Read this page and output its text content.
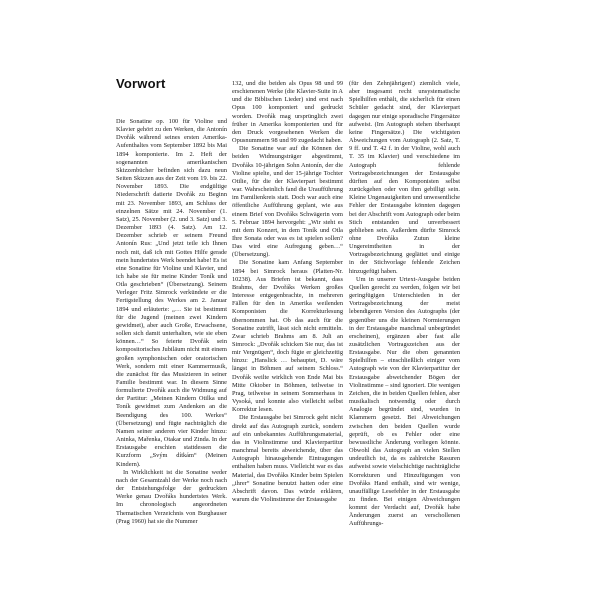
Vorwort

Die Sonatine op. 100 für Violine und Klavier gehört zu den Werken, die Antonín Dvořák während seines ersten Amerika-Aufenthaltes vom September 1892 bis Mai 1894 komponierte. Im 2. Heft der sogenannten amerikanischen Skizzenbücher befinden sich dazu neun Seiten Skizzen aus der Zeit vom 19. bis 22. November 1893. Die endgültige Niederschrift datierte Dvořák zu Beginn mit 23. November 1893, am Schluss der einzelnen Sätze mit 24. November (1. Satz), 25. November (2. und 3. Satz) und 3. Dezember 1893 (4. Satz). Am 12. Dezember schrieb er seinem Freund Antonín Rus: „Und jetzt teile ich Ihnen noch mit, daß ich mit Gottes Hilfe gerade mein hundertstes Werk beendet habe! Es ist eine Sonatine für Violine und Klavier, und ich habe sie für meine Kinder Toník und Otla geschrieben“ (Übersetzung). Seinem Verleger Fritz Simrock verkündete er die Fertigstellung des Werkes am 2. Januar 1894 und erläuterte: „… Sie ist bestimmt für die Jugend (meinen zwei Kindern gewidmet), aber auch Große, Erwachsene, sollen sich damit unterhalten, wie sie eben können…“ So feierte Dvořák sein kompositorisches Jubiläum nicht mit einem großen symphonischen oder oratorischen Werk, sondern mit einer Kammermusik, die zunächst für das Musizieren in seiner Familie bestimmt war. In diesem Sinne formulierte Dvořák auch die Widmung auf der Partitur: „Meinen Kindern Otilka und Toník gewidmet zum Andenken an die Beendigung des 100. Werkes“ (Übersetzung) und fügte nachträglich die Namen seiner anderen vier Kinder hinzu: Aninka, Mařenka, Otakar und Zinda. In der Erstausgabe erschien stattdessen die Kurzform „Svým dítkám“ (Meinen Kindern).

In Wirklichkeit ist die Sonatine weder nach der Gesamtzahl der Werke noch nach der Entstehungsfolge der gedruckten Werke genau Dvořáks hundertstes Werk. Im chronologisch angeordneten Thematischen Verzeichnis von Burghauser (Prag 1960) hat sie die Nummer

132, und die beiden als Opus 98 und 99 erschienenen Werke (die Klavier-Suite in A und die Biblischen Lieder) sind erst nach Opus 100 komponiert und gedruckt worden. Dvořák mag ursprünglich zwei früher in Amerika komponierten und für den Druck vorgesehenen Werken die Opusnummern 98 und 99 zugedacht haben.

Die Sonatine war auf die Können der beiden Widmungsträger abgestimmt, Dvořáks 10-jährigen Sohn Antonín, der die Violine spielte, und der 15-jährige Tochter Otilie, für die der Klavierpart bestimmt war. Wahrscheinlich fand die Uraufführung im Familienkreis statt. Doch war auch eine öffentliche Aufführung geplant, wie aus einem Brief von Dvořáks Schwägerin vom 5. Februar 1894 hervorgeht: „Wir steht es mit dem Konzert, in dem Toník und Otla Ihre Sonata oder was es ist spielen sollen? Das wird eine Aufregung geben…“ (Übersetzung).

Die Sonatine kam Anfang September 1894 bei Simrock heraus (Platten-Nr. 10238). Aus Briefen ist bekannt, dass Brahms, der Dvořáks Werken großes Interesse entgegenbrachte, in mehreren Fällen für den in Amerika weilenden Komponisten die Korrekturlesung übernommen hat. Ob das auch für die Sonatine zutrifft, lässt sich nicht ermitteln. Zwar schrieb Brahms am 8. Juli an Simrock: „Dvořák schicken Sie nur, das ist mir Vergnügen“, doch fügte er gleichzeitig hinzu: „Hanslick … behauptet, D. wäre längst in Böhmen auf seinem Schloss.“ Dvořák weilte wirklich von Ende Mai bis Mitte Oktober in Böhmen, teilweise in Prag, teilweise in seinem Sommerhaus in Vysoká, und konnte also vielleicht selbst Korrektur lesen.

Die Erstausgabe bei Simrock geht nicht direkt auf das Autograph zurück, sondern auf ein unbekanntes Aufführungsmaterial, das in Violinstimme und Klavierpartitur manchmal bereits abweichende, über das Autograph hinausgehende Eintragungen enthalten haben muss. Vielleicht war es das Material, das Dvořáks Kinder beim Spielen „ihrer“ Sonatine benutzt hatten oder eine Abschrift davon. Das würde erklären, warum die Violinstimme der Erstausgabe

(für den Zehnjährigen!) ziemlich viele, aber insgesamt recht unsystematische Spielhilfen enthält, die sicherlich für einen Schüler gedacht sind, der Klavierpart dagegen nur einige sporadische Fingersätze aufweist. (Im Autograph stehen überhaupt keine Fingersätze.) Die wichtigsten Abweichungen vom Autograph (2. Satz, T. 9 ff. und T. 42 f. in der Violine, wohl auch T. 35 im Klavier) und verschiedene im Autograph fehlende Vortragsbezeichnungen der Erstausgabe dürften auf den Komponisten selbst zurückgehen oder von ihm gebilligt sein. Kleine Ungenauigkeiten und unwesentliche Fehler der Erstausgabe könnten dagegen bei der Abschrift vom Autograph oder beim Stich entstanden und unverbessert geblieben sein. Außerdem dürfte Simrock ohne Dvořáks Zutun kleine Ungereimtheiten in der Vortragsbezeichnung geglättet und einige in der Stichvorlage fehlende Zeichen hinzugefügt haben.

Um in unserer Urtext-Ausgabe beiden Quellen gerecht zu werden, folgen wir bei geringfügigen Unterschieden in der Vortragsbezeichnung der meist lebendigeren Version des Autographs (der gegenüber uns die kleinen Normierungen in der Erstausgabe manchmal unbegründet erscheinen), ergänzen aber fast alle zusätzlichen Vortragszeichen aus der Erstausgabe. Nur die oben genannten Spielhilfen – einschließlich einiger vom Autograph wie von der Klavierpartitur der Erstausgabe abweichender Bögen der Violinstimme – sind ignoriert. Die wenigen Zeichen, die in beiden Quellen fehlen, aber musikalisch notwendig oder durch Analogie begründet sind, wurden in Klammern gesetzt. Bei Abweichungen zwischen den beiden Quellen wurde geprüft, ob es Fehler oder eine bewusstliche Änderung vorliegen könnte. Obwohl das Autograph an vielen Stellen undeutlich ist, da es zahlreiche Rasuren aufweist sowie vielschichtige nachträgliche Korrekturen und Hinzufügungen von Dvořáks Hand enthält, sind wir wenige, unauffällige Lesefehler in der Erstausgabe zu finden. Bei einigen Abweichungen kommt der Verdacht auf, Dvořák habe Änderungen zuerst an verschollenen Aufführungs-
